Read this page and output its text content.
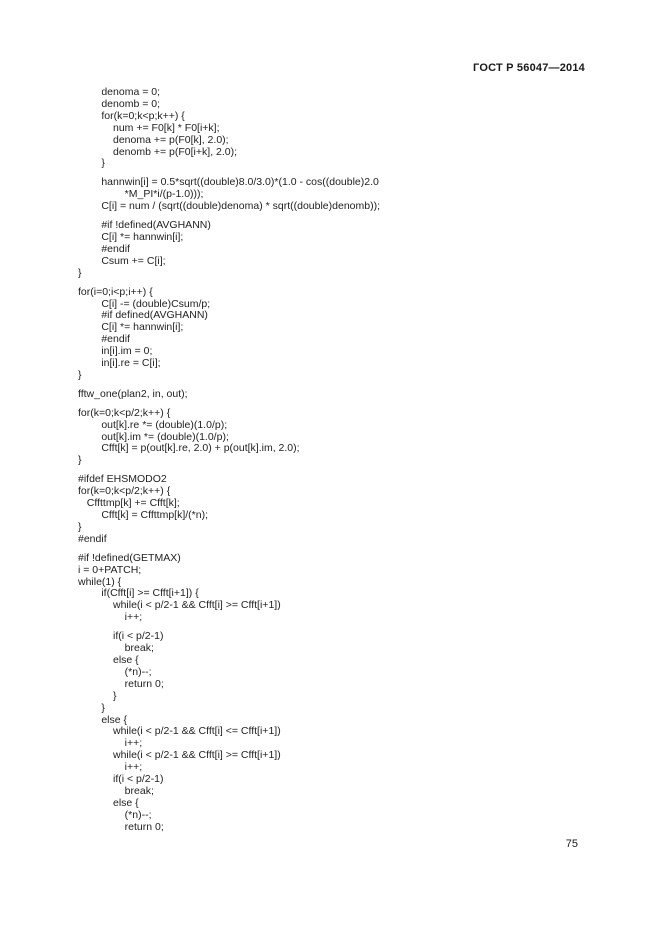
ГОСТ Р 56047—2014
denoma = 0;
denomb = 0;
for(k=0;k<p;k++) {
num += F0[k] * F0[i+k];
denoma += p(F0[k], 2.0);
denomb += p(F0[i+k], 2.0);
}
hannwin[i] = 0.5*sqrt((double)8.0/3.0)*(1.0 - cos((double)2.0
*M_PI*i/(p-1.0)));
C[i] = num / (sqrt((double)denoma) * sqrt((double)denomb));
#if !defined(AVGHANN)
C[i] *= hannwin[i];
#endif
Csum += C[i];
}
for(i=0;i<p;i++) {
C[i] -= (double)Csum/p;
#if defined(AVGHANN)
C[i] *= hannwin[i];
#endif
in[i].im = 0;
in[i].re = C[i];
}
fftw_one(plan2, in, out);
for(k=0;k<p/2;k++) {
out[k].re *= (double)(1.0/p);
out[k].im *= (double)(1.0/p);
Cfft[k] = p(out[k].re, 2.0) + p(out[k].im, 2.0);
}
#ifdef EHSMODO2
for(k=0;k<p/2;k++) {
Cffttmp[k] += Cfft[k];
Cfft[k] = Cffttmp[k]/(*n);
}
#endif
#if !defined(GETMAX)
i = 0+PATCH;
while(1) {
if(Cfft[i] >= Cfft[i+1]) {
while(i < p/2-1 && Cfft[i] >= Cfft[i+1])
i++;
if(i < p/2-1)
break;
else {
(*n)--;
return 0;
}
}
else {
while(i < p/2-1 && Cfft[i] <= Cfft[i+1])
i++;
while(i < p/2-1 && Cfft[i] >= Cfft[i+1])
i++;
if(i < p/2-1)
break;
else {
(*n)--;
return 0;
75
